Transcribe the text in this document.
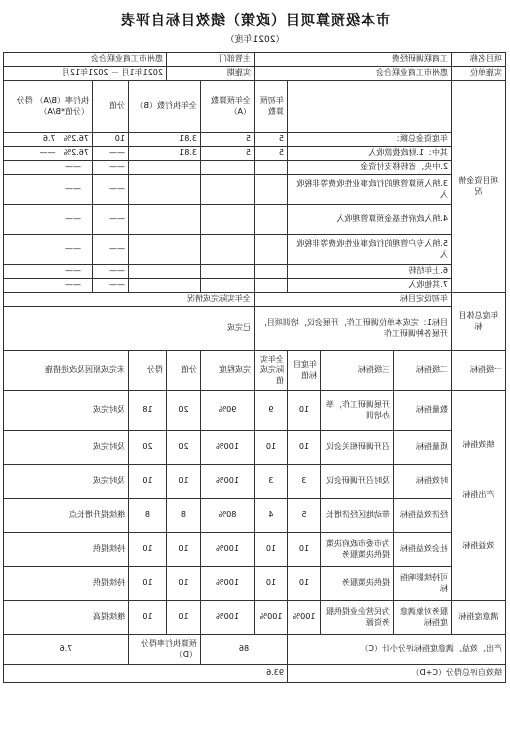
市本级预算项目（政策）绩效目标自评表
（2021年度）
项目名称	工商联调研经费				主管部门		惠州市工商业联合会		
实施单位	惠州市工商业联合会				实施期		2021年1月 － 2021年12月		
项目资金情况				年初预算数	全年预算数（A）	全年执行数（B）		分值	执行率（B/A） 得分（分值*B/A）
	年度资金总额：			5	5	3.81		10	76.2%　7.6
	其中：1.财政拨款收入			5	5	3.81		——	76.2%　——
	2.中央、省转移支付资金							——	　——
	3.纳入预算管理的行政事业性收费等非税收入							——	　——
	4.纳入政府性基金预算管理收入							——	　——
	5.纳入专户管理的行政事业性收费等非税收入							——	　——
	6.上年结转							——	　——
	7.其他收入							——	　——
年度总体目标	年初设定目标				全年实际完成情况				
	目标1：完成本单位调研工作，开展会议，培训项目，开展各种调研工作				已完成				
一级指标	二级指标	三级指标	年度目标值	全年实际完成值	完成程度	分值	得分	未完成原因及改进措施	
绩效指标
产出指标
效益指标	数量指标	开展调研工作，举办培训	10	9	90%	20	18	及时完成	
	质量指标	召开调研相关会议	10	10	100%	20	20	及时完成	
	时效指标	及时召开调研会议	3	3	100%	10	10	及时完成	
	经济效益指标	带动地区经济增长	5	4	80%	8	8	继续提升增长点	
	社会效益指标	为市委市政府决策提供决策服务	10	10	100%	10	10	持续提供	
	可持续影响指标	提供决策服务	10	10	100%	10	10	持续提供	
满意度指标	服务对象满意度指标	为民营企业提供服务资源	100%	100%	100%	10	10	继续提高	
产出、效益、满意度指标评分小计（C）				86		预算执行率得分（D）		7.6	
绩效自评总得分（C+D）				93.6					
